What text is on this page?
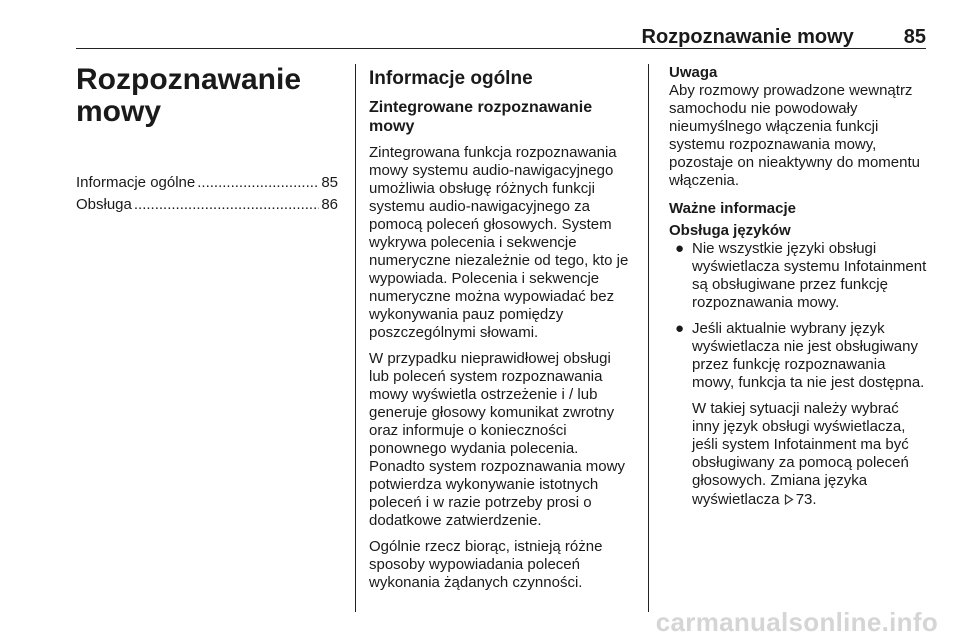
Rozpoznawanie mowy	85
Rozpoznawanie mowy
Informacje ogólne .....	85
Obsługa .....	86
Informacje ogólne
Zintegrowane rozpoznawanie mowy

Zintegrowana funkcja rozpoznawania mowy systemu audio-nawigacyjnego umożliwia obsługę różnych funkcji systemu audio-nawigacyjnego za pomocą poleceń głosowych. System wykrywa polecenia i sekwencje numeryczne niezależnie od tego, kto je wypowiada. Polecenia i sekwencje numeryczne można wypowiadać bez wykonywania pauz pomiędzy poszczególnymi słowami.

W przypadku nieprawidłowej obsługi lub poleceń system rozpoznawania mowy wyświetla ostrzeżenie i / lub generuje głosowy komunikat zwrotny oraz informuje o konieczności ponownego wydania polecenia. Ponadto system rozpoznawania mowy potwierdza wykonywanie istotnych poleceń i w razie potrzeby prosi o dodatkowe zatwierdzenie.

Ogólnie rzecz biorąc, istnieją różne sposoby wypowiadania poleceń wykonania żądanych czynności.

Uwaga

Aby rozmowy prowadzone wewnątrz samochodu nie powodowały nieumyślnego włączenia funkcji systemu rozpoznawania mowy, pozostaje on nieaktywny do momentu włączenia.

Ważne informacje

Obsługa języków

● Nie wszystkie języki obsługi wyświetlacza systemu Infotainment są obsługiwane przez funkcję rozpoznawania mowy.
● Jeśli aktualnie wybrany język wyświetlacza nie jest obsługiwany przez funkcję rozpoznawania mowy, funkcja ta nie jest dostępna.

W takiej sytuacji należy wybrać inny język obsługi wyświetlacza, jeśli system Infotainment ma być obsługiwany za pomocą poleceń głosowych. Zmiana języka wyświetlacza 73.

carmanualsonline.info
